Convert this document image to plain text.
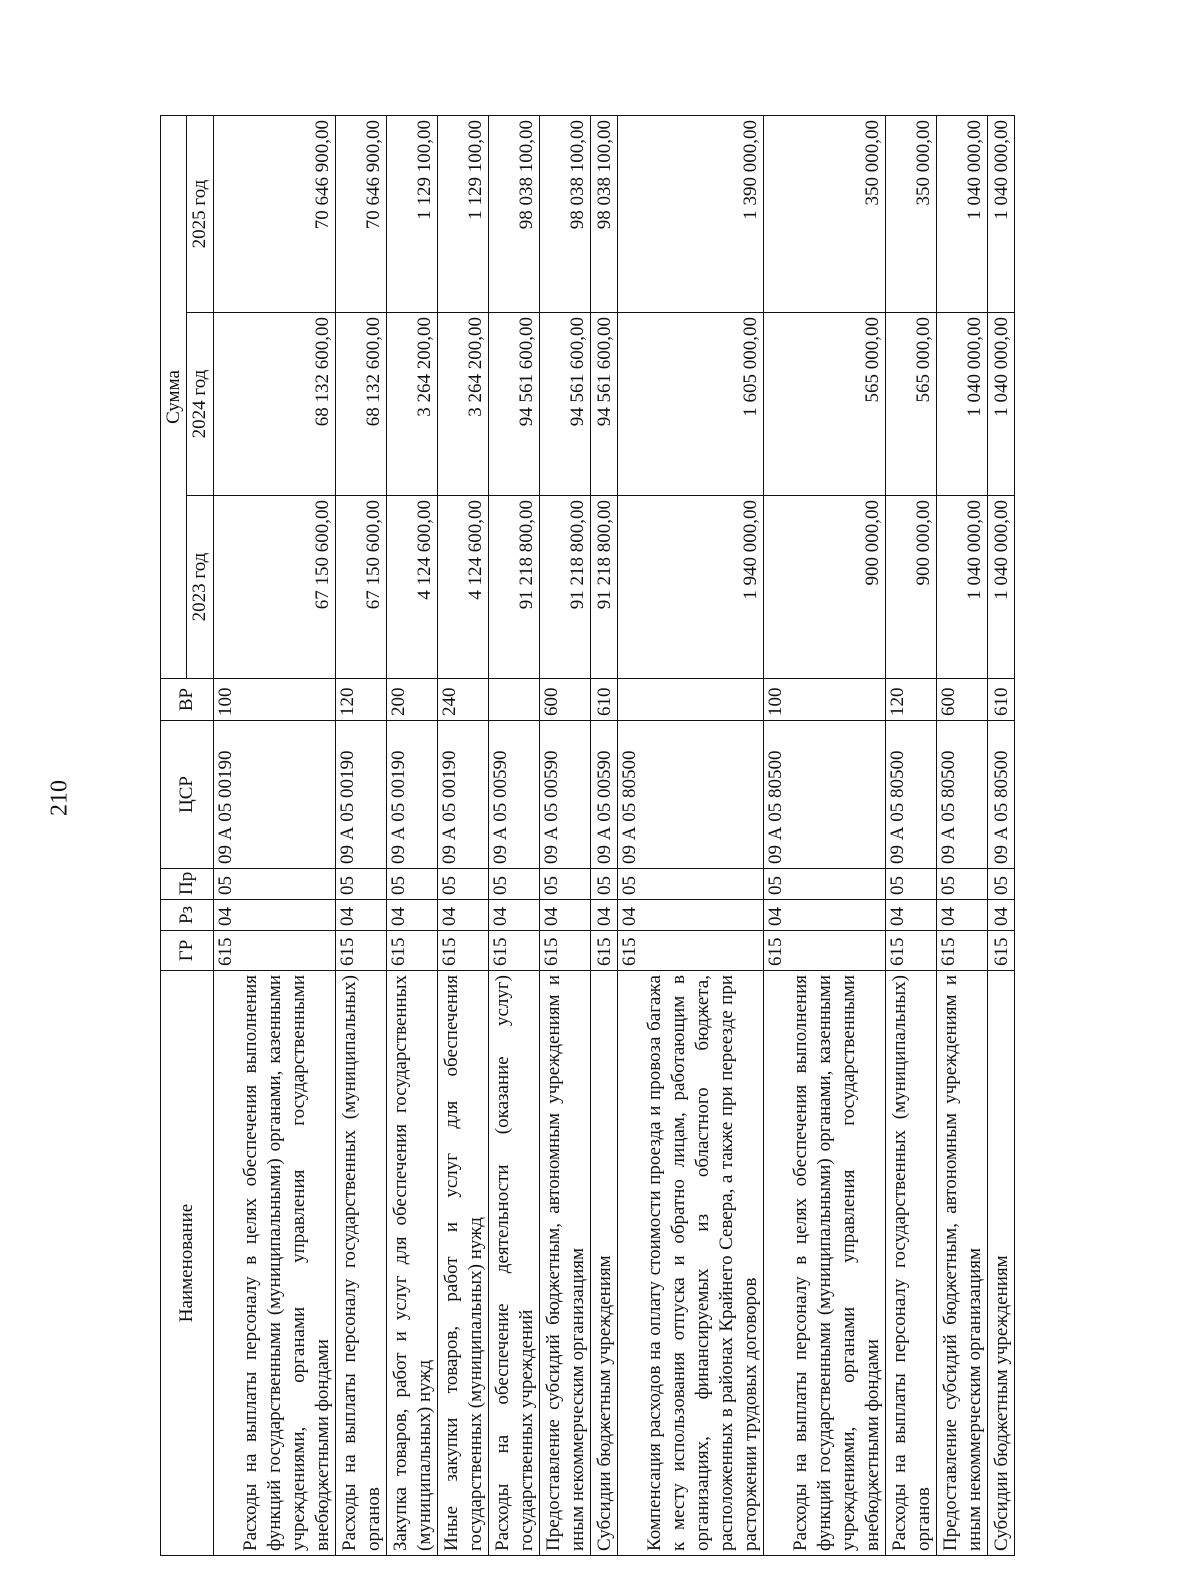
210
Наименование	ГР	Рз	Пр	ЦСР	ВР	Сумма		
						2023 год	2024 год	2025 год
Расходы на выплаты персоналу в целях обеспечения выполнения функций государственными (муниципальными) органами, казенными учреждениями, органами управления государственными внебюджетными фондами	615	04	05	09 А 05 00190	100	67 150 600,00	68 132 600,00	70 646 900,00
Расходы на выплаты персоналу государственных (муниципальных) органов	615	04	05	09 А 05 00190	120	67 150 600,00	68 132 600,00	70 646 900,00
Закупка товаров, работ и услуг для обеспечения государственных (муниципальных) нужд	615	04	05	09 А 05 00190	200	4 124 600,00	3 264 200,00	1 129 100,00
Иные закупки товаров, работ и услуг для обеспечения государственных (муниципальных) нужд	615	04	05	09 А 05 00190	240	4 124 600,00	3 264 200,00	1 129 100,00
Расходы на обеспечение деятельности (оказание услуг) государственных учреждений	615	04	05	09 А 05 00590		91 218 800,00	94 561 600,00	98 038 100,00
Предоставление субсидий бюджетным, автономным учреждениям и иным некоммерческим организациям	615	04	05	09 А 05 00590	600	91 218 800,00	94 561 600,00	98 038 100,00
Субсидии бюджетным учреждениям	615	04	05	09 А 05 00590	610	91 218 800,00	94 561 600,00	98 038 100,00
Компенсация расходов на оплату стоимости проезда и провоза багажа к месту использования отпуска и обратно лицам, работающим в организациях, финансируемых из областного бюджета, расположенных в районах Крайнего Севера, а также при переезде при расторжении трудовых договоров	615	04	05	09 А 05 80500		1 940 000,00	1 605 000,00	1 390 000,00
Расходы на выплаты персоналу в целях обеспечения выполнения функций государственными (муниципальными) органами, казенными учреждениями, органами управления государственными внебюджетными фондами	615	04	05	09 А 05 80500	100	900 000,00	565 000,00	350 000,00
Расходы на выплаты персоналу государственных (муниципальных) органов	615	04	05	09 А 05 80500	120	900 000,00	565 000,00	350 000,00
Предоставление субсидий бюджетным, автономным учреждениям и иным некоммерческим организациям	615	04	05	09 А 05 80500	600	1 040 000,00	1 040 000,00	1 040 000,00
Субсидии бюджетным учреждениям	615	04	05	09 А 05 80500	610	1 040 000,00	1 040 000,00	1 040 000,00
